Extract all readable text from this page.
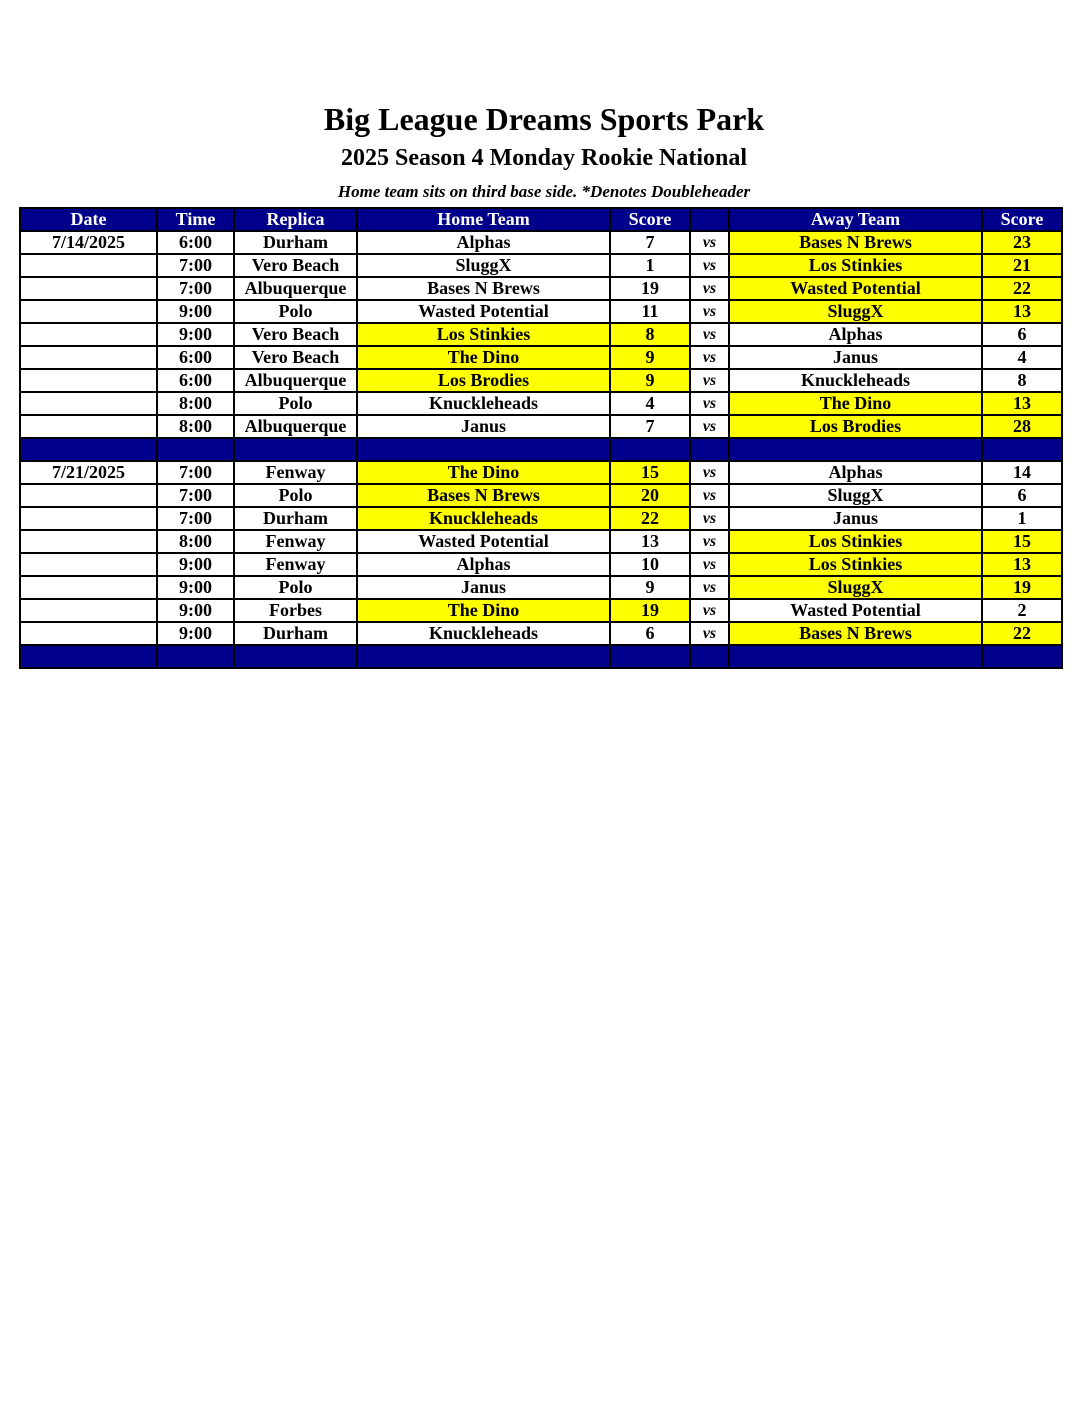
Big League Dreams Sports Park
2025 Season 4 Monday Rookie National
Home team sits on third base side. *Denotes Doubleheader
Date	Time	Replica	Home Team	Score		Away Team	Score
7/14/2025	6:00	Durham	Alphas	7	vs	Bases N Brews	23
	7:00	Vero Beach	SluggX	1	vs	Los Stinkies	21
	7:00	Albuquerque	Bases N Brews	19	vs	Wasted Potential	22
	9:00	Polo	Wasted Potential	11	vs	SluggX	13
	9:00	Vero Beach	Los Stinkies	8	vs	Alphas	6
	6:00	Vero Beach	The Dino	9	vs	Janus	4
	6:00	Albuquerque	Los Brodies	9	vs	Knuckleheads	8
	8:00	Polo	Knuckleheads	4	vs	The Dino	13
	8:00	Albuquerque	Janus	7	vs	Los Brodies	28

7/21/2025	7:00	Fenway	The Dino	15	vs	Alphas	14
	7:00	Polo	Bases N Brews	20	vs	SluggX	6
	7:00	Durham	Knuckleheads	22	vs	Janus	1
	8:00	Fenway	Wasted Potential	13	vs	Los Stinkies	15
	9:00	Fenway	Alphas	10	vs	Los Stinkies	13
	9:00	Polo	Janus	9	vs	SluggX	19
	9:00	Forbes	The Dino	19	vs	Wasted Potential	2
	9:00	Durham	Knuckleheads	6	vs	Bases N Brews	22
